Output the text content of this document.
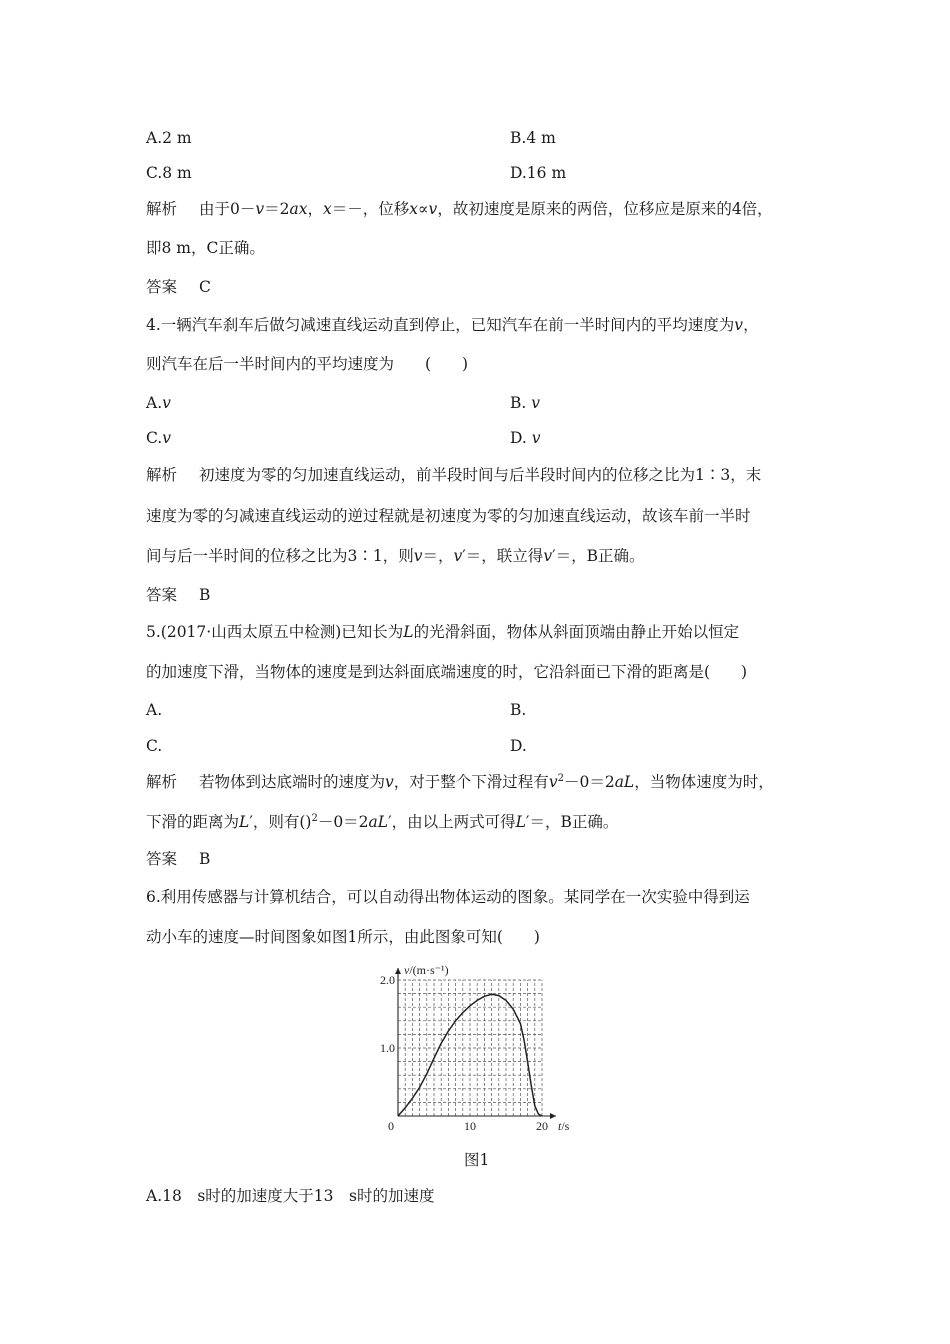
A.2 m	B.4 m
C.8 m	D.16 m
解析 由于0－v＝2ax，x＝－，位移x∝v，故初速度是原来的两倍，位移应是原来的4倍，
即8 m，C正确。
答案 C
4.一辆汽车刹车后做匀减速直线运动直到停止，已知汽车在前一半时间内的平均速度为v，
则汽车在后一半时间内的平均速度为　　(　　)
A.v	B. v
C.v	D. v
解析 初速度为零的匀加速直线运动，前半段时间与后半段时间内的位移之比为1∶3，末
速度为零的匀减速直线运动的逆过程就是初速度为零的匀加速直线运动，故该车前一半时
间与后一半时间的位移之比为3∶1，则v＝，v′＝，联立得v′＝，B正确。
答案 B
5.(2017·山西太原五中检测)已知长为L的光滑斜面，物体从斜面顶端由静止开始以恒定
的加速度下滑，当物体的速度是到达斜面底端速度的时，它沿斜面已下滑的距离是(　　)
A.	B.
C.	D.
解析 若物体到达底端时的速度为v，对于整个下滑过程有$v^2-0=2aL$，当物体速度为时，
下滑的距离为L′，则有()$^2$－0＝2aL′，由以上两式可得L′＝，B正确。
答案 B
6.利用传感器与计算机结合，可以自动得出物体运动的图象。某同学在一次实验中得到运
动小车的速度—时间图象如图1所示，由此图象可知(　　)
v/(m·s⁻¹)
t/s
0	10	20
1.0
2.0
图1
A.18　s时的加速度大于13　s时的加速度
